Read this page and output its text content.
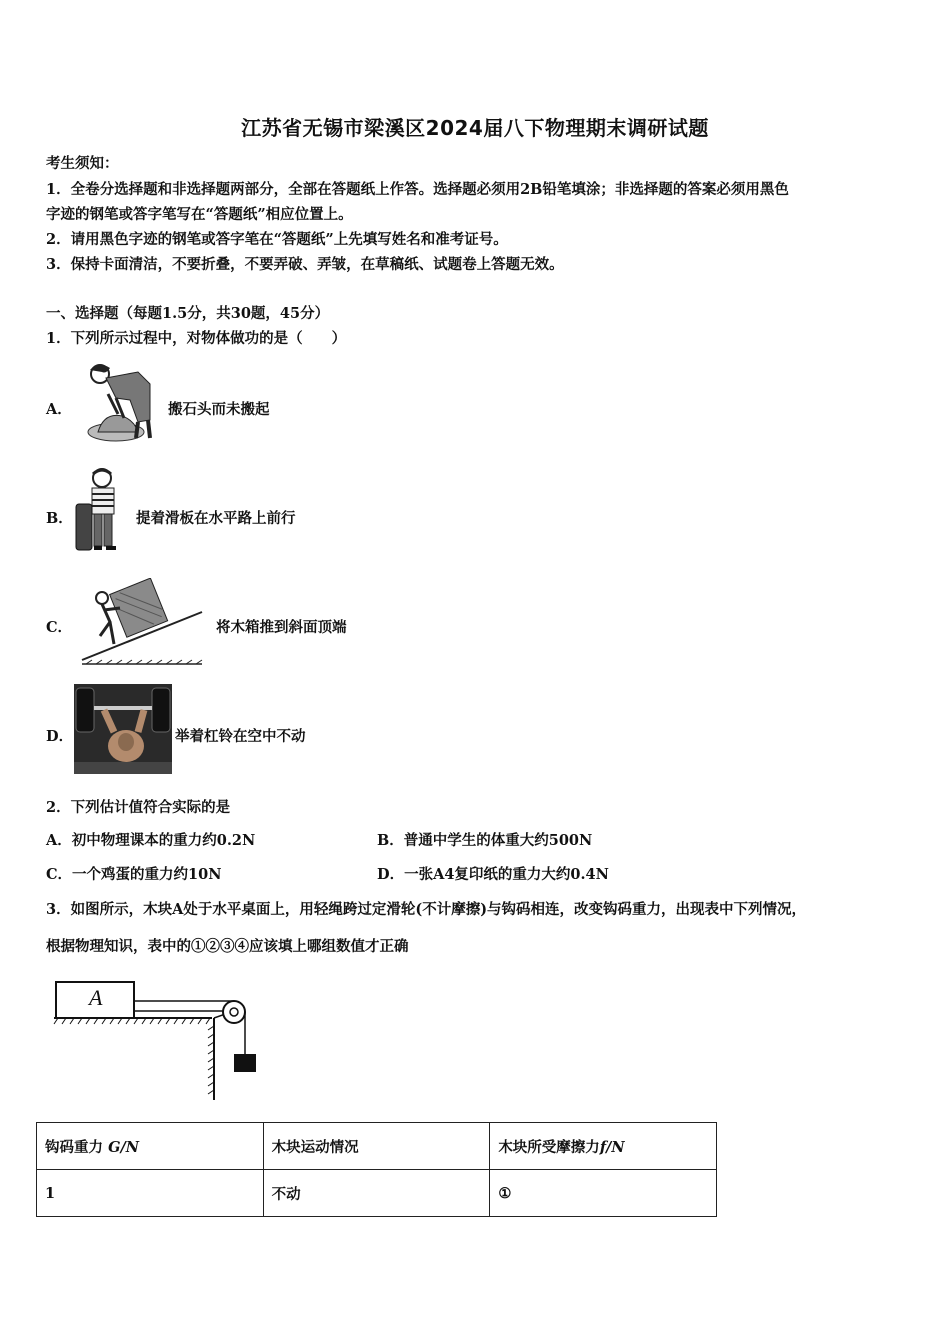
江苏省无锡市梁溪区2024届八下物理期末调研试题
考生须知：
1．全卷分选择题和非选择题两部分，全部在答题纸上作答。选择题必须用2B铅笔填涂；非选择题的答案必须用黑色
字迹的钢笔或答字笔写在“答题纸”相应位置上。
2．请用黑色字迹的钢笔或答字笔在“答题纸”上先填写姓名和准考证号。
3．保持卡面清洁，不要折叠，不要弄破、弄皱，在草稿纸、试题卷上答题无效。
一、选择题（每题1.5分，共30题，45分）
1．下列所示过程中，对物体做功的是（　　）
A．	搬石头而未搬起
B．	提着滑板在水平路上前行
C．	将木箱推到斜面顶端
D．	举着杠铃在空中不动
2．下列估计值符合实际的是
A．初中物理课本的重力约0.2N	B．普通中学生的体重大约500N
C．一个鸡蛋的重力约10N	D．一张A4复印纸的重力大约0.4N
3．如图所示，木块A处于水平桌面上，用轻绳跨过定滑轮(不计摩擦)与钩码相连，改变钩码重力，出现表中下列情况，
根据物理知识，表中的①②③④应该填上哪组数值才正确
A
钩码重力 G/N	木块运动情况	木块所受摩擦力f/N
1	不动	①
